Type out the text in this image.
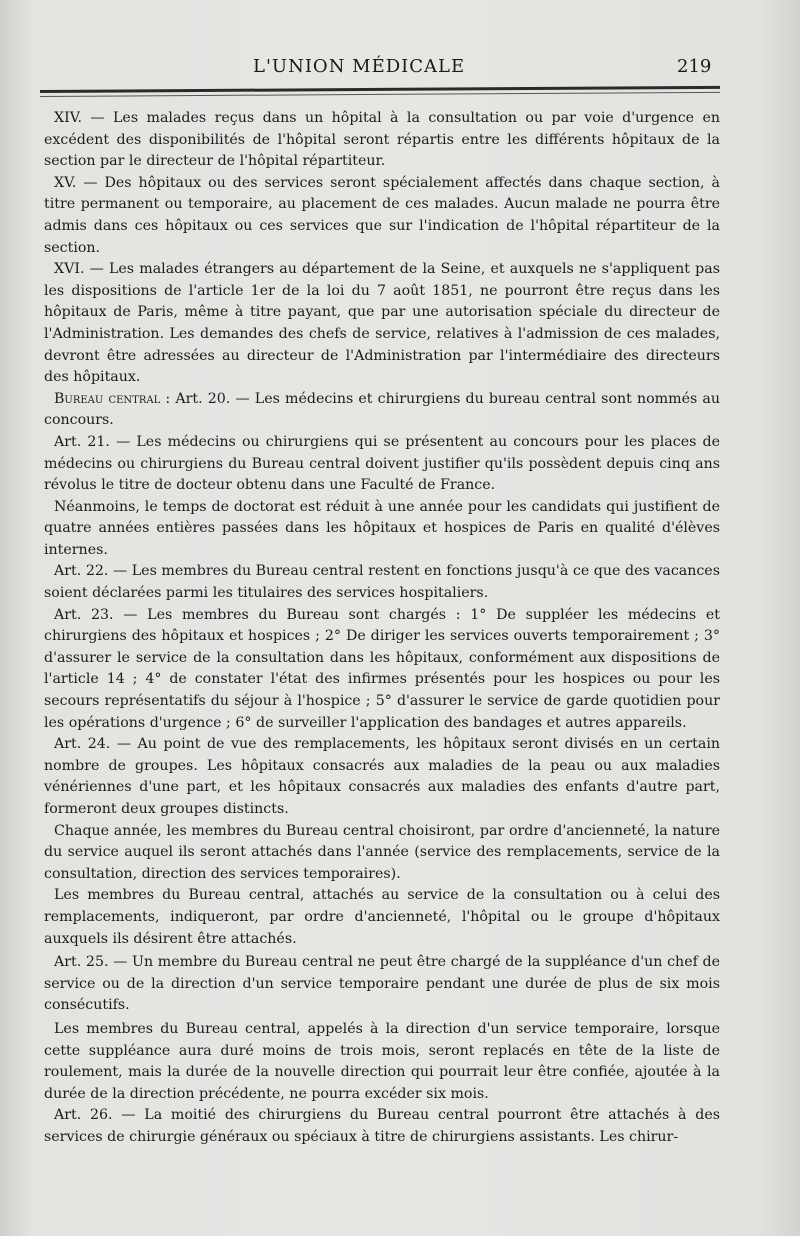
L'UNION MÉDICALE	219

XIV. — Les malades reçus dans un hôpital à la consultation ou par voie d'urgence en excédent des disponibilités de l'hôpital seront répartis entre les différents hôpitaux de la section par le directeur de l'hôpital répartiteur.

XV. — Des hôpitaux ou des services seront spécialement affectés dans chaque section, à titre permanent ou temporaire, au placement de ces malades. Aucun malade ne pourra être admis dans ces hôpitaux ou ces services que sur l'indication de l'hôpital répartiteur de la section.

XVI. — Les malades étrangers au département de la Seine, et auxquels ne s'appliquent pas les dispositions de l'article 1er de la loi du 7 août 1851, ne pourront être reçus dans les hôpitaux de Paris, même à titre payant, que par une autorisation spéciale du directeur de l'Administration. Les demandes des chefs de service, relatives à l'admission de ces malades, devront être adressées au directeur de l'Administration par l'intermédiaire des directeurs des hôpitaux.

Bureau central : Art. 20. — Les médecins et chirurgiens du bureau central sont nommés au concours.

Art. 21. — Les médecins ou chirurgiens qui se présentent au concours pour les places de médecins ou chirurgiens du Bureau central doivent justifier qu'ils possèdent depuis cinq ans révolus le titre de docteur obtenu dans une Faculté de France.

Néanmoins, le temps de doctorat est réduit à une année pour les candidats qui justifient de quatre années entières passées dans les hôpitaux et hospices de Paris en qualité d'élèves internes.

Art. 22. — Les membres du Bureau central restent en fonctions jusqu'à ce que des vacances soient déclarées parmi les titulaires des services hospitaliers.

Art. 23. — Les membres du Bureau sont chargés : 1° De suppléer les médecins et chirurgiens des hôpitaux et hospices ; 2° De diriger les services ouverts temporairement ; 3° d'assurer le service de la consultation dans les hôpitaux, conformément aux dispositions de l'article 14 ; 4° de constater l'état des infirmes présentés pour les hospices ou pour les secours représentatifs du séjour à l'hospice ; 5° d'assurer le service de garde quotidien pour les opérations d'urgence ; 6° de surveiller l'application des bandages et autres appareils.

Art. 24. — Au point de vue des remplacements, les hôpitaux seront divisés en un certain nombre de groupes. Les hôpitaux consacrés aux maladies de la peau ou aux maladies vénériennes d'une part, et les hôpitaux consacrés aux maladies des enfants d'autre part, formeront deux groupes distincts.

Chaque année, les membres du Bureau central choisiront, par ordre d'ancienneté, la nature du service auquel ils seront attachés dans l'année (service des remplacements, service de la consultation, direction des services temporaires).

Les membres du Bureau central, attachés au service de la consultation ou à celui des remplacements, indiqueront, par ordre d'ancienneté, l'hôpital ou le groupe d'hôpitaux auxquels ils désirent être attachés.

Art. 25. — Un membre du Bureau central ne peut être chargé de la suppléance d'un chef de service ou de la direction d'un service temporaire pendant une durée de plus de six mois consécutifs.

Les membres du Bureau central, appelés à la direction d'un service temporaire, lorsque cette suppléance aura duré moins de trois mois, seront replacés en tête de la liste de roulement, mais la durée de la nouvelle direction qui pourrait leur être confiée, ajoutée à la durée de la direction précédente, ne pourra excéder six mois.

Art. 26. — La moitié des chirurgiens du Bureau central pourront être attachés à des services de chirurgie généraux ou spéciaux à titre de chirurgiens assistants. Les chirur-
